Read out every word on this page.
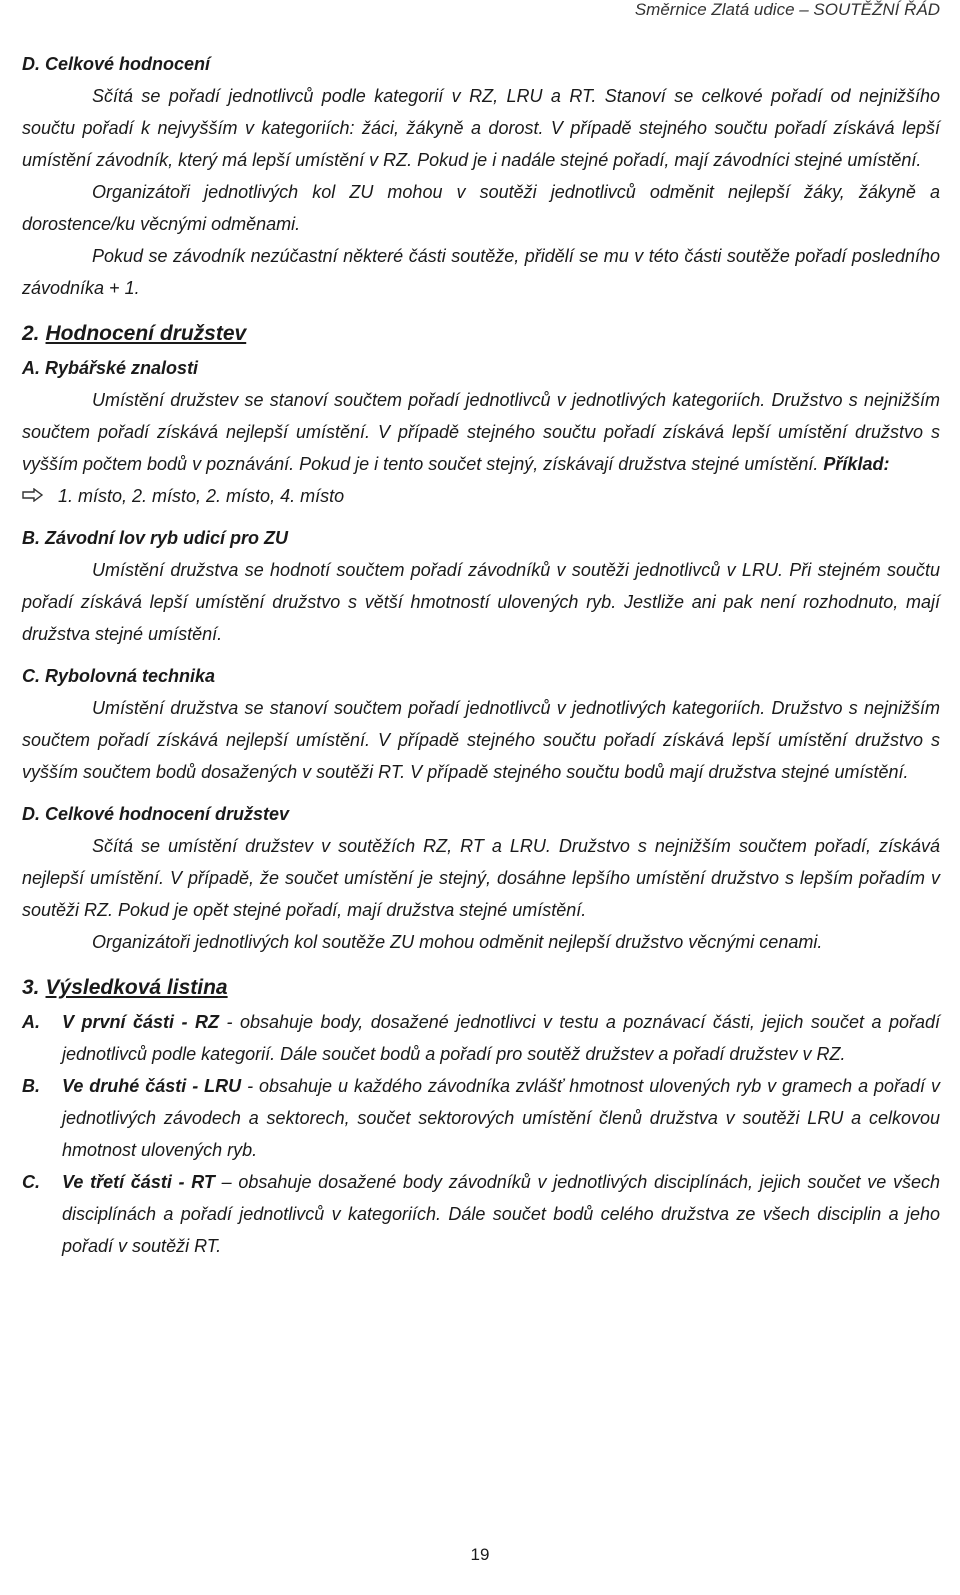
Směrnice Zlatá udice – SOUTĚŽNÍ ŘÁD
D. Celkové hodnocení

Sčítá se pořadí jednotlivců podle kategorií v RZ, LRU a RT. Stanoví se celkové pořadí od nejnižšího součtu pořadí k nejvyšším v kategoriích: žáci, žákyně a dorost. V případě stejného součtu pořadí získává lepší umístění závodník, který má lepší umístění v RZ. Pokud je i nadále stejné pořadí, mají závodníci stejné umístění.

Organizátoři jednotlivých kol ZU mohou v soutěži jednotlivců odměnit nejlepší žáky, žákyně a dorostence/ku věcnými odměnami.

Pokud se závodník nezúčastní některé části soutěže, přidělí se mu v této části soutěže pořadí posledního závodníka + 1.

2. Hodnocení družstev
A. Rybářské znalosti

Umístění družstev se stanoví součtem pořadí jednotlivců v jednotlivých kategoriích. Družstvo s nejnižším součtem pořadí získává nejlepší umístění. V případě stejného součtu pořadí získává lepší umístění družstvo s vyšším počtem bodů v poznávání. Pokud je i tento součet stejný, získávají družstva stejné umístění. Příklad:

1. místo, 2. místo, 2. místo, 4. místo

B. Závodní lov ryb udicí pro ZU

Umístění družstva se hodnotí součtem pořadí závodníků v soutěži jednotlivců v LRU. Při stejném součtu pořadí získává lepší umístění družstvo s větší hmotností ulovených ryb. Jestliže ani pak není rozhodnuto, mají družstva stejné umístění.

C. Rybolovná technika

Umístění družstva se stanoví součtem pořadí jednotlivců v jednotlivých kategoriích. Družstvo s nejnižším součtem pořadí získává nejlepší umístění. V případě stejného součtu pořadí získává lepší umístění družstvo s vyšším součtem bodů dosažených v soutěži RT. V případě stejného součtu bodů mají družstva stejné umístění.

D. Celkové hodnocení družstev

Sčítá se umístění družstev v soutěžích RZ, RT a LRU. Družstvo s nejnižším součtem pořadí, získává nejlepší umístění. V případě, že součet umístění je stejný, dosáhne lepšího umístění družstvo s lepším pořadím v soutěži RZ. Pokud je opět stejné pořadí, mají družstva stejné umístění.

Organizátoři jednotlivých kol soutěže ZU mohou odměnit nejlepší družstvo věcnými cenami.

3. Výsledková listina
A.	V první části - RZ - obsahuje body, dosažené jednotlivci v testu a poznávací části, jejich součet a pořadí jednotlivců podle kategorií. Dále součet bodů a pořadí pro soutěž družstev a pořadí družstev v RZ.
B.	Ve druhé části - LRU - obsahuje u každého závodníka zvlášť hmotnost ulovených ryb v gramech a pořadí v jednotlivých závodech a sektorech, součet sektorových umístění členů družstva v soutěži LRU a celkovou hmotnost ulovených ryb.
C.	Ve třetí části - RT – obsahuje dosažené body závodníků v jednotlivých disciplínách, jejich součet ve všech disciplínách a pořadí jednotlivců v kategoriích. Dále součet bodů celého družstva ze všech disciplin a jeho pořadí v soutěži RT.
19
